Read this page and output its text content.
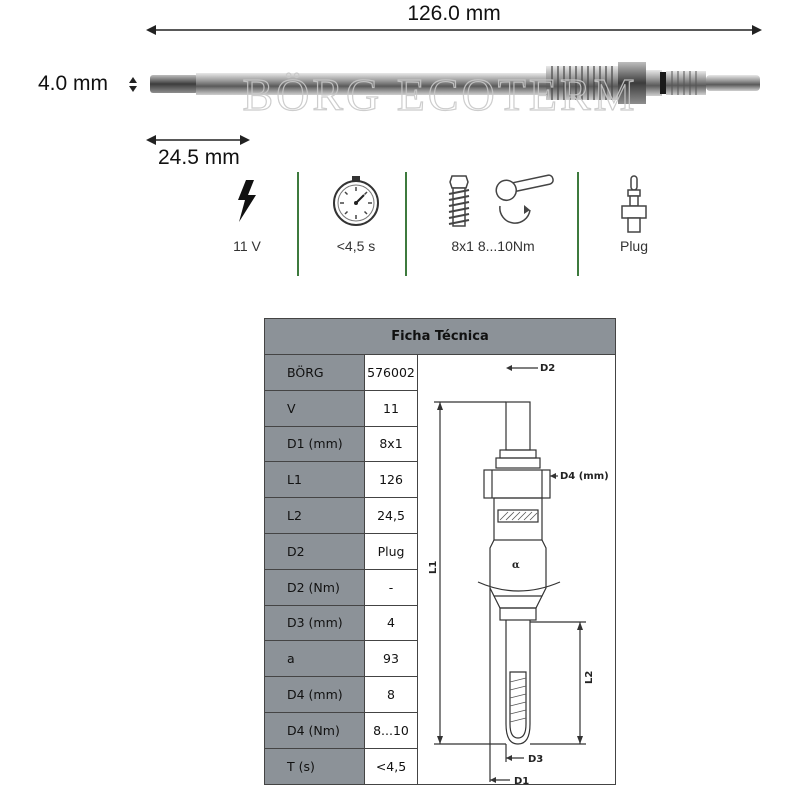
126.0 mm
BÖRG ECOTERM
4.0 mm
24.5 mm
11 V	<4,5 s	8x1 8...10Nm	Plug
Ficha Técnica		
BÖRG	576002	
V	11	
D1 (mm)	8x1	
L1	126	
L2	24,5	
D2	Plug	
D2 (Nm)	-	
D3 (mm)	4	
a	93	
D4 (mm)	8	
D4 (Nm)	8...10	
T (s)	<4,5	
D2
D4 (mm)
L1
L2
α
D3
D1
